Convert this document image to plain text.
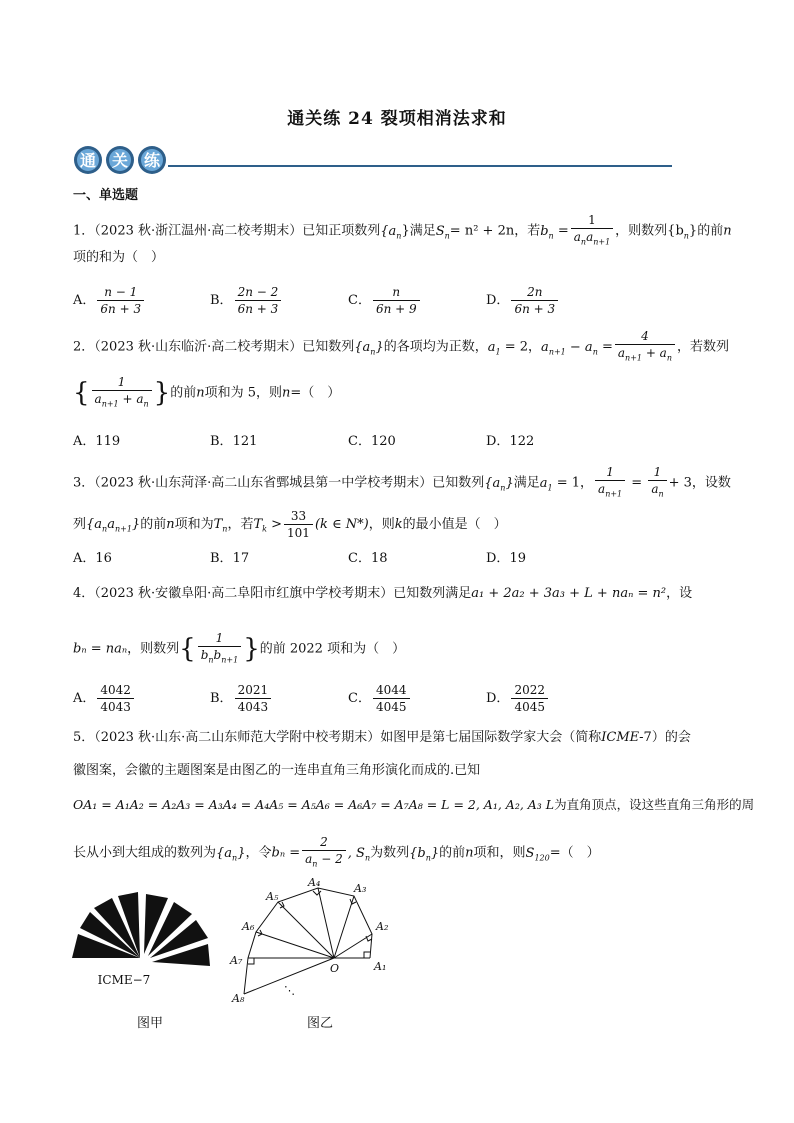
通关练 24 裂项相消法求和
通 关 练
一、单选题
1．（2023 秋·浙江温州·高二校考期末）已知正项数列$\{a_n\}$满足$S_n= n^2 + 2n$，若$b_n = \frac{1}{a_na_{n+1}}$ ，则数列$\{b_n\}$的前n
项的和为（　）
A． $\frac{n - 1}{6n + 3}$	B． $\frac{2n - 2}{6n + 3}$	C． $\frac{n}{6n + 9}$	D． $\frac{2n}{6n + 3}$
2．（2023 秋·山东临沂·高二校考期末）已知数列$\{a_n\}$的各项均为正数，$a_1 = 2$，$a_{n+1} - a_n = \frac{4}{a_{n+1} + a_n}$ ，若数列
{ $\frac{1}{a_{n+1} + a_n}$ }的前n项和为 5，则n=（　）
A．119	B．121	C．120	D．122
3．（2023 秋·山东菏泽·高二山东省鄄城县第一中学校考期末）已知数列$\{a_n\}$满足$a_1 = 1$， $\frac{1}{a_{n+1}} = \frac{1}{a_n} + 3$，设数
列$\{a_na_{n+1}\}$的前n项和为$T_n$，若$T_k > \frac{33}{101} (k$ ∈ N*)，则k的最小值是（　）
A．16	B．17	C．18	D．19
4．（2023 秋·安徽阜阳·高二阜阳市红旗中学校考期末）已知数列满足a₁ + 2a₂ + 3a₃ + L + naₙ = n²，设
bₙ = naₙ，则数列{ $\frac{1}{b_nb_{n+1}}$ }的前 2022 项和为（　）
A． $\frac{4042}{4043}$	B． $\frac{2021}{4043}$	C． $\frac{4044}{4045}$	D． $\frac{2022}{4045}$
5．（2023 秋·山东·高二山东师范大学附中校考期末）如图甲是第七届国际数学家大会（简称ICME-7）的会
徽图案，会徽的主题图案是由图乙的一连串直角三角形演化而成的.已知
OA₁ = A₁A₂ = A₂A₃ = A₃A₄ = A₄A₅ = A₅A₆ = A₆A₇ = A₇A₈ = L = 2, A₁, A₂, A₃ L为直角顶点，设这些直角三角形的周
长从小到大组成的数列为$\{a_n\}$，令$b_n = \frac{2}{a_n - 2}$ , $S_n$为数列$\{b_n\}$的前n项和，则$S_{120}=$（　）
ICME−7
图甲
A₁
A₂
A₃
A₄
A₅
A₆
A₇
A₈
O
⋱
图乙
